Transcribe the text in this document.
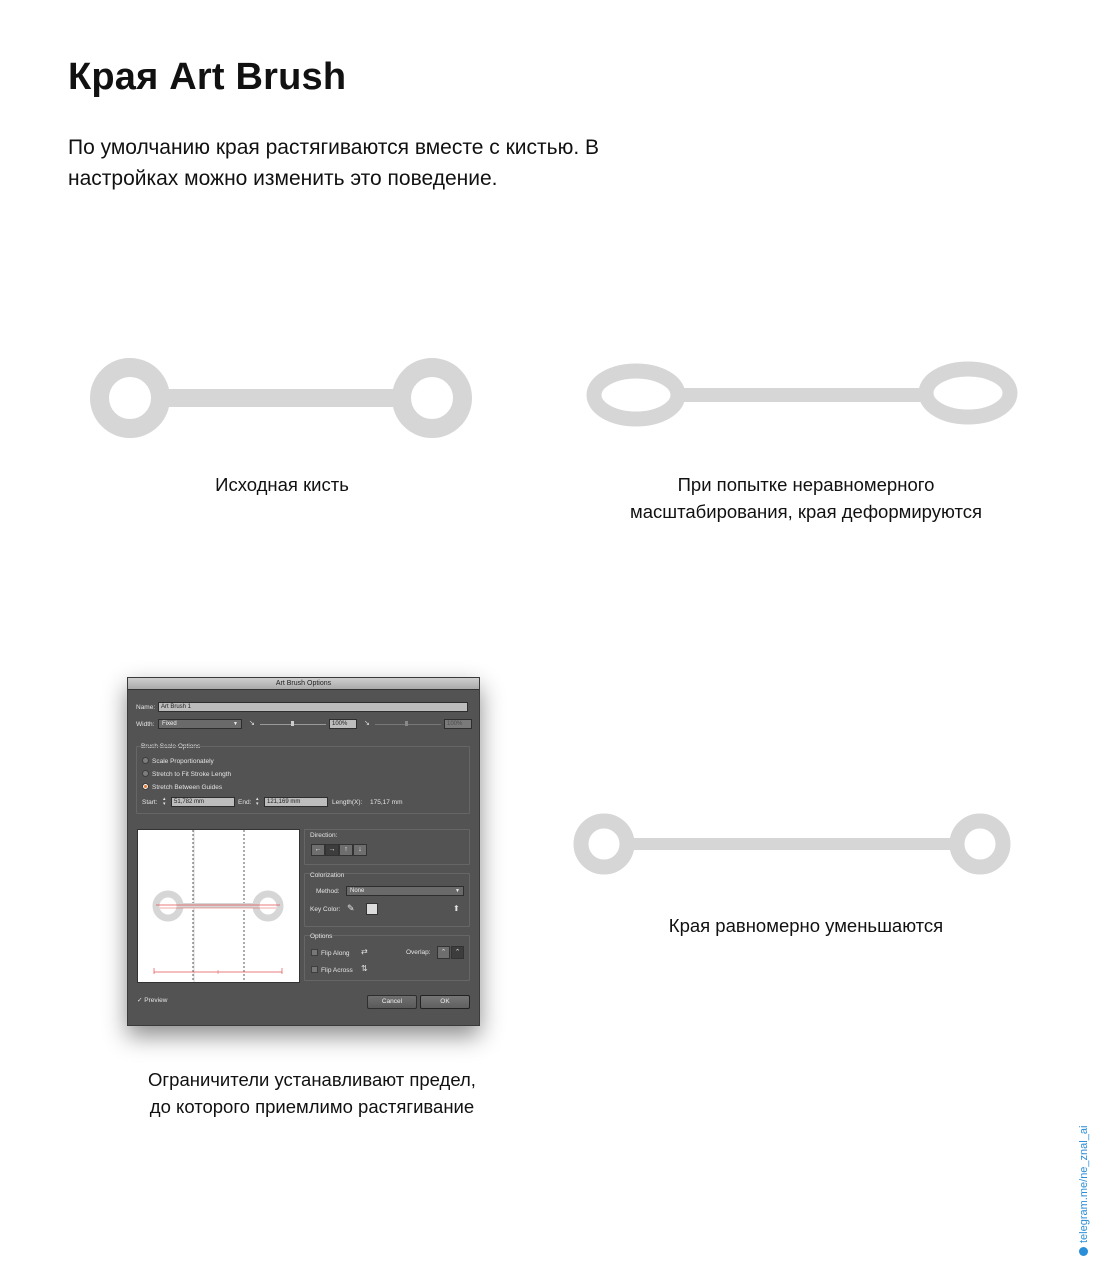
Края Art Brush

По умолчанию края растягиваются вместе с кистью. В настройках можно изменить это поведение.

Исходная кисть	При попытке неравномерного
масштабирования, края деформируются

Края равномерно уменьшаются

Art Brush Options
Name: Art Brush 1
Width:	Fixed	▼ ↘	100%	↘	100%
Brush Scale Options
Scale Proportionately
Stretch to Fit Stroke Length
Stretch Between Guides
Start: ▴
▾	51,782 mm	End: ▴
▾	121,169 mm	Length(X): 175,17 mm
Direction:
←	→	↑	↓
Colorization
Method:	None	▼
Key Color: ✎	⬆
Options
Flip Along ⇄
Flip Across ⇅
Overlap:	⌃	⌃
✓ Preview	Cancel	OK
Ограничители устанавливают предел,
до которого приемлимо растягивание
telegram.me/ne_znal_ai
